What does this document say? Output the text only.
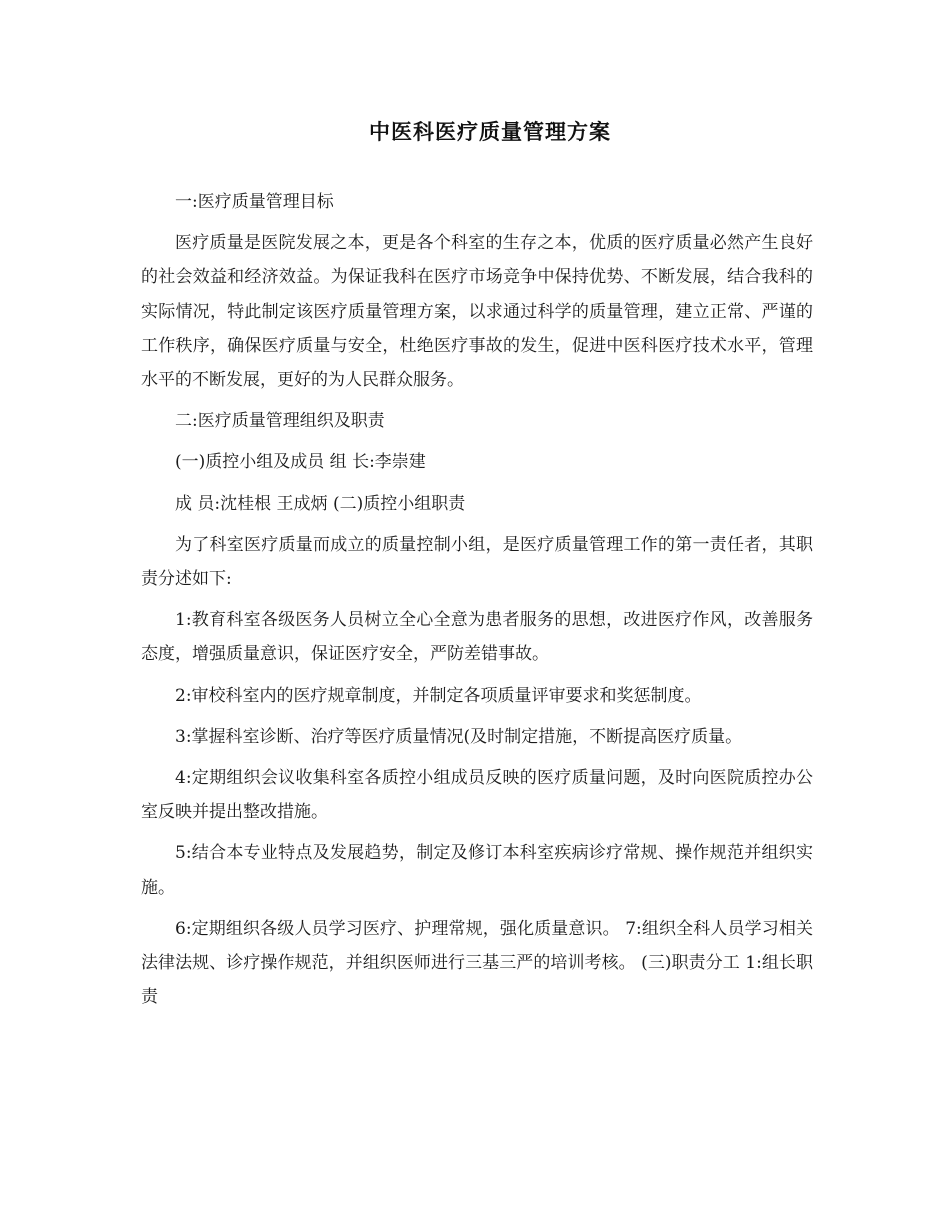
中医科医疗质量管理方案

一:医疗质量管理目标

医疗质量是医院发展之本，更是各个科室的生存之本，优质的医疗质量必然产生良好的社会效益和经济效益。为保证我科在医疗市场竞争中保持优势、不断发展，结合我科的实际情况，特此制定该医疗质量管理方案，以求通过科学的质量管理，建立正常、严谨的工作秩序，确保医疗质量与安全，杜绝医疗事故的发生，促进中医科医疗技术水平，管理水平的不断发展，更好的为人民群众服务。

二:医疗质量管理组织及职责

(一)质控小组及成员 组 长:李崇建

成 员:沈桂根 王成炳 (二)质控小组职责

为了科室医疗质量而成立的质量控制小组，是医疗质量管理工作的第一责任者，其职责分述如下:

1:教育科室各级医务人员树立全心全意为患者服务的思想，改进医疗作风，改善服务态度，增强质量意识，保证医疗安全，严防差错事故。

2:审校科室内的医疗规章制度，并制定各项质量评审要求和奖惩制度。

3:掌握科室诊断、治疗等医疗质量情况(及时制定措施，不断提高医疗质量。

4:定期组织会议收集科室各质控小组成员反映的医疗质量问题，及时向医院质控办公室反映并提出整改措施。

5:结合本专业特点及发展趋势，制定及修订本科室疾病诊疗常规、操作规范并组织实施。

6:定期组织各级人员学习医疗、护理常规，强化质量意识。 7:组织全科人员学习相关法律法规、诊疗操作规范，并组织医师进行三基三严的培训考核。 (三)职责分工 1:组长职责
